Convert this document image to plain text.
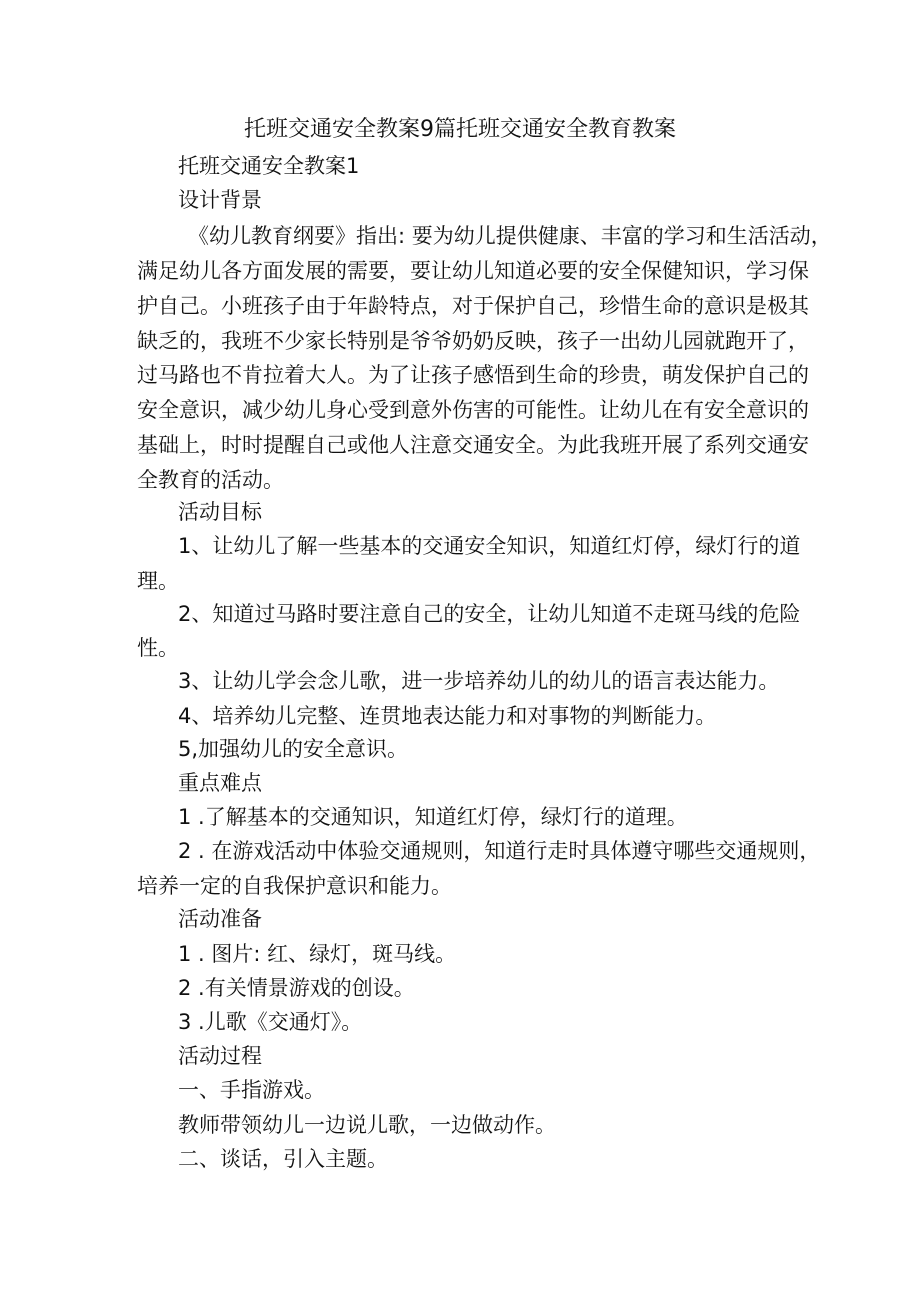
托班交通安全教案9篇托班交通安全教育教案
托班交通安全教案1
设计背景
《幼儿教育纲要》指出: 要为幼儿提供健康、丰富的学习和生活活动，
满足幼儿各方面发展的需要，要让幼儿知道必要的安全保健知识，学习保
护自己。小班孩子由于年龄特点，对于保护自己，珍惜生命的意识是极其
缺乏的，我班不少家长特别是爷爷奶奶反映，孩子一出幼儿园就跑开了，
过马路也不肯拉着大人。为了让孩子感悟到生命的珍贵，萌发保护自己的
安全意识，减少幼儿身心受到意外伤害的可能性。让幼儿在有安全意识的
基础上，时时提醒自己或他人注意交通安全。为此我班开展了系列交通安
全教育的活动。
活动目标
1、让幼儿了解一些基本的交通安全知识，知道红灯停，绿灯行的道
理。
2、知道过马路时要注意自己的安全，让幼儿知道不走斑马线的危险
性。
3、让幼儿学会念儿歌，进一步培养幼儿的幼儿的语言表达能力。
4、培养幼儿完整、连贯地表达能力和对事物的判断能力。
5,加强幼儿的安全意识。
重点难点
1 .了解基本的交通知识，知道红灯停，绿灯行的道理。
2 . 在游戏活动中体验交通规则，知道行走时具体遵守哪些交通规则，
培养一定的自我保护意识和能力。
活动准备
1 . 图片: 红、绿灯，斑马线。
2 .有关情景游戏的创设。
3 .儿歌《交通灯》。
活动过程
一、手指游戏。
教师带领幼儿一边说儿歌，一边做动作。
二、谈话，引入主题。
